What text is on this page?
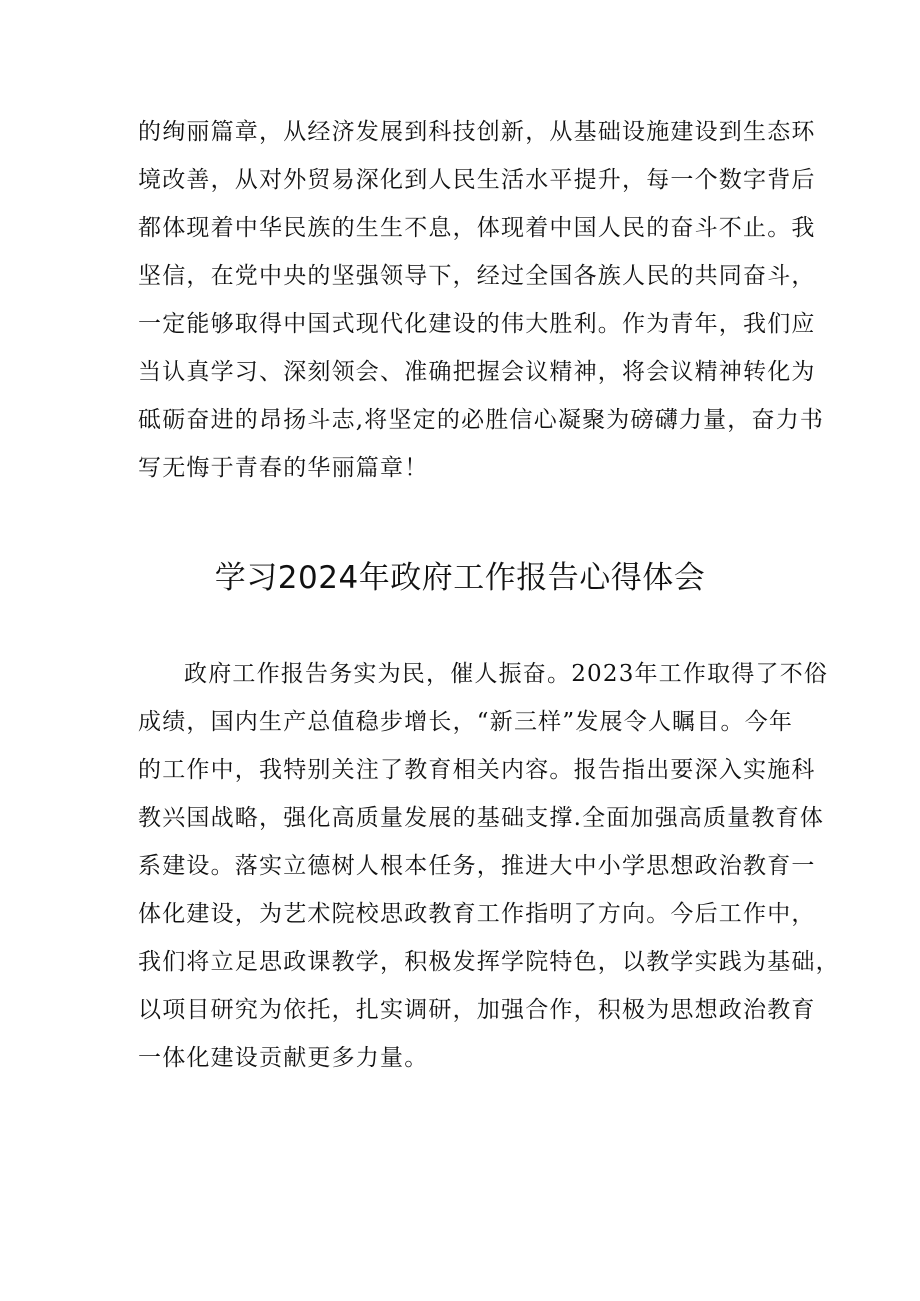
的绚丽篇章，从经济发展到科技创新，从基础设施建设到生态环
境改善，从对外贸易深化到人民生活水平提升，每一个数字背后
都体现着中华民族的生生不息，体现着中国人民的奋斗不止。我
坚信，在党中央的坚强领导下，经过全国各族人民的共同奋斗，
一定能够取得中国式现代化建设的伟大胜利。作为青年，我们应
当认真学习、深刻领会、准确把握会议精神，将会议精神转化为
砥砺奋进的昂扬斗志,将坚定的必胜信心凝聚为磅礴力量，奋力书
写无悔于青春的华丽篇章！
学习2024年政府工作报告心得体会
政府工作报告务实为民，催人振奋。2023年工作取得了不俗
成绩，国内生产总值稳步增长，“新三样”发展令人瞩目。今年
的工作中，我特别关注了教育相关内容。报告指出要深入实施科
教兴国战略，强化高质量发展的基础支撑.全面加强高质量教育体
系建设。落实立德树人根本任务，推进大中小学思想政治教育一
体化建设，为艺术院校思政教育工作指明了方向。今后工作中，
我们将立足思政课教学，积极发挥学院特色，以教学实践为基础，
以项目研究为依托，扎实调研，加强合作，积极为思想政治教育
一体化建设贡献更多力量。
